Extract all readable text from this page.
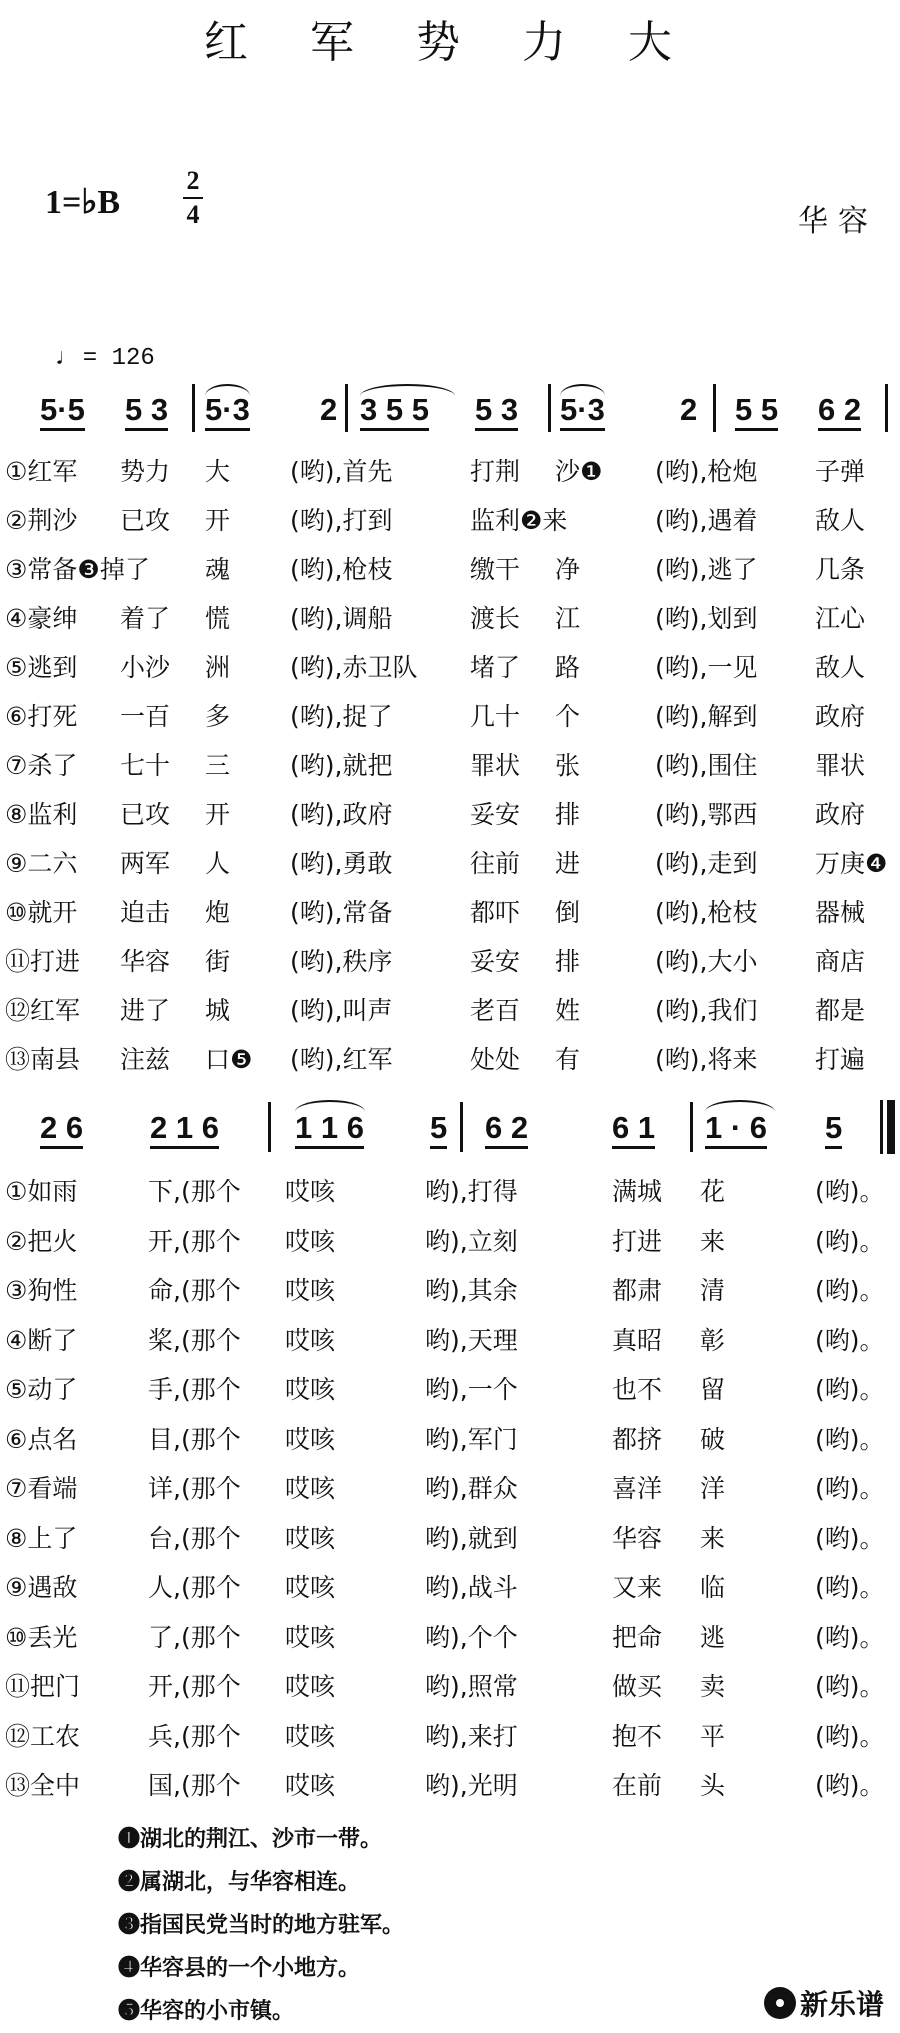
红 军 势 力 大
1=♭B
2
4	华容
♩ = 126
5·5 5 3 5·3 2 3 5 5 5 3 5·3 2 5 5 6 2
①红军 势力 大 (哟),首先	打荆 沙❶ (哟),枪炮 子弹
②荆沙 已攻 开 (哟),打到	监利❷来	(哟),遇着 敌人
③常备❸掉了 魂 (哟),枪枝	缴干 净	(哟),逃了 几条
④豪绅 着了 慌 (哟),调船	渡长 江	(哟),划到 江心
⑤逃到 小沙 洲 (哟),赤卫队 堵了 路	(哟),一见 敌人
⑥打死 一百 多 (哟),捉了	几十 个	(哟),解到 政府
⑦杀了 七十 三 (哟),就把	罪状 张	(哟),围住 罪状
⑧监利 已攻 开 (哟),政府	妥安 排	(哟),鄂西 政府
⑨二六 两军 人 (哟),勇敢	往前 进	(哟),走到 万庚❹
⑩就开 迫击 炮 (哟),常备	都吓 倒	(哟),枪枝 器械
⑪打进 华容 街 (哟),秩序	妥安 排	(哟),大小 商店
⑫红军 进了 城 (哟),叫声	老百 姓	(哟),我们 都是
⑬南县 注兹 口❺ (哟),红军	处处 有	(哟),将来 打遍
2 6 2 1 6 1 1 6 5 6 2	6 1 1 · 6 5
①如雨	下,(那个 哎咳	哟),打得	满城 花	(哟)。
②把火	开,(那个 哎咳	哟),立刻	打进 来	(哟)。
③狗性	命,(那个 哎咳	哟),其余	都肃 清	(哟)。
④断了	桨,(那个 哎咳	哟),天理	真昭 彰	(哟)。
⑤动了	手,(那个 哎咳	哟),一个	也不 留	(哟)。
⑥点名	目,(那个 哎咳	哟),军门	都挤 破	(哟)。
⑦看端	详,(那个 哎咳	哟),群众	喜洋 洋	(哟)。
⑧上了	台,(那个 哎咳	哟),就到	华容 来	(哟)。
⑨遇敌	人,(那个 哎咳	哟),战斗	又来 临	(哟)。
⑩丢光	了,(那个 哎咳	哟),个个	把命 逃	(哟)。
⑪把门	开,(那个 哎咳	哟),照常	做买 卖	(哟)。
⑫工农	兵,(那个 哎咳	哟),来打	抱不 平	(哟)。
⑬全中	国,(那个 哎咳	哟),光明	在前 头	(哟)。
❶湖北的荆江、沙市一带。
❷属湖北，与华容相连。
❸指国民党当时的地方驻军。
❹华容县的一个小地方。
❺华容的小市镇。	新乐谱
